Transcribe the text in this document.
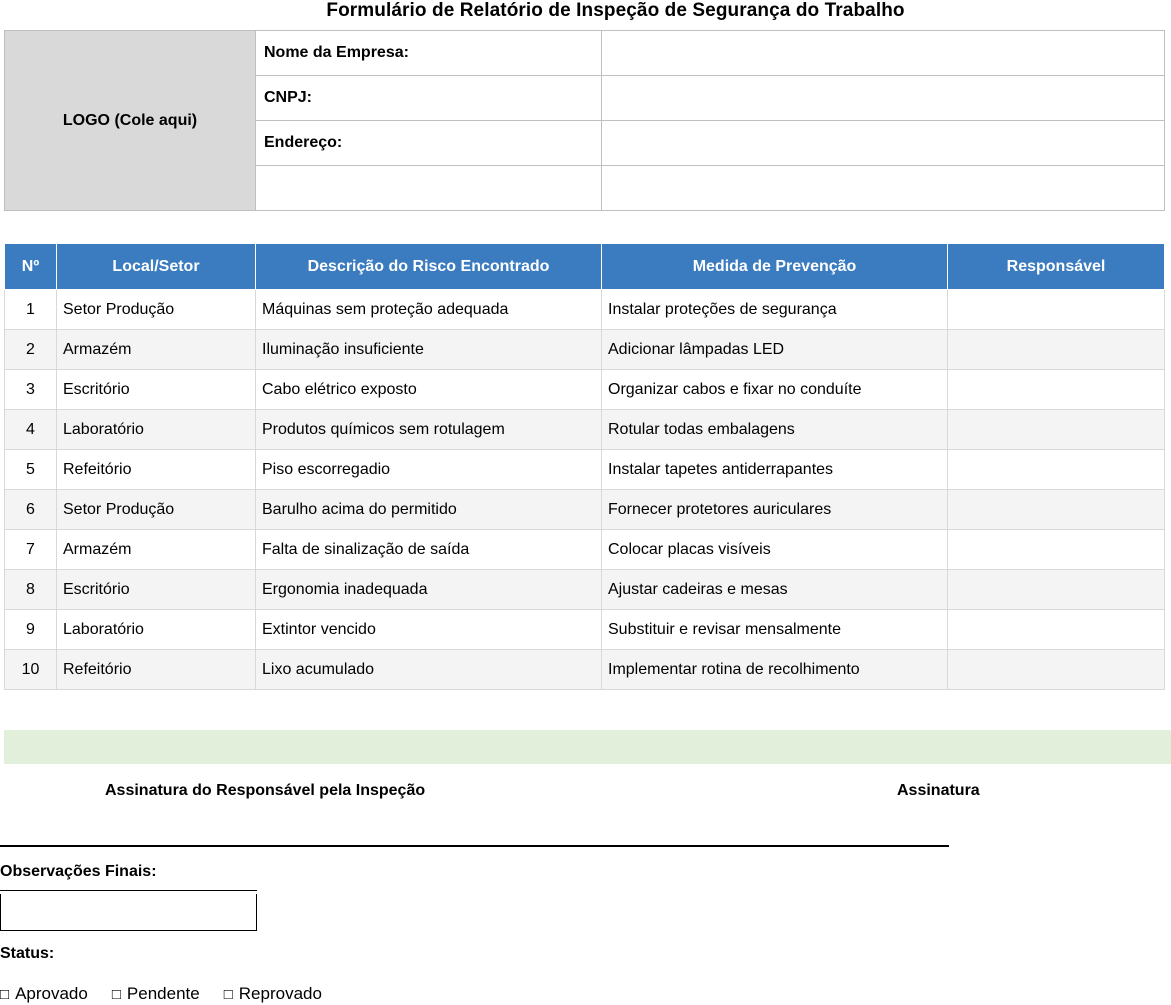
Formulário de Relatório de Inspeção de Segurança do Trabalho
LOGO (Cole aqui)	Nome da Empresa:	
	CNPJ:	
	Endereço:	

Nº	Local/Setor	Descrição do Risco Encontrado	Medida de Prevenção	Responsável
1	Setor Produção	Máquinas sem proteção adequada	Instalar proteções de segurança	
2	Armazém	Iluminação insuficiente	Adicionar lâmpadas LED	
3	Escritório	Cabo elétrico exposto	Organizar cabos e fixar no conduíte	
4	Laboratório	Produtos químicos sem rotulagem	Rotular todas embalagens	
5	Refeitório	Piso escorregadio	Instalar tapetes antiderrapantes	
6	Setor Produção	Barulho acima do permitido	Fornecer protetores auriculares	
7	Armazém	Falta de sinalização de saída	Colocar placas visíveis	
8	Escritório	Ergonomia inadequada	Ajustar cadeiras e mesas	
9	Laboratório	Extintor vencido	Substituir e revisar mensalmente	
10	Refeitório	Lixo acumulado	Implementar rotina de recolhimento	
Assinatura do Responsável pela Inspeção	Assinatura
Observações Finais:
Status:
□ Aprovado □ Pendente □ Reprovado
